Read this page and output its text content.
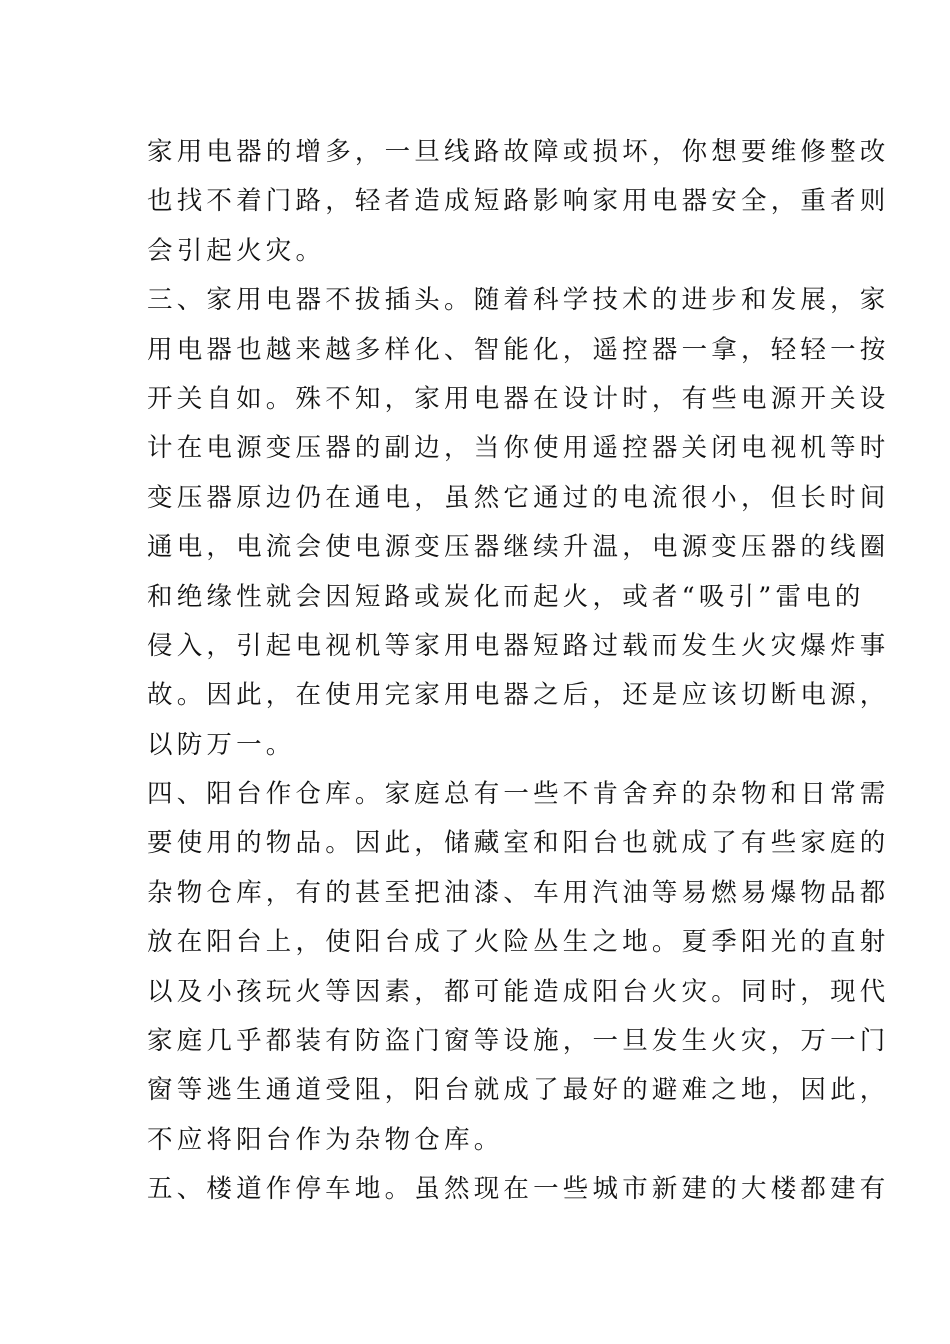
家用电器的增多，一旦线路故障或损坏，你想要维修整改
也找不着门路，轻者造成短路影响家用电器安全，重者则
会引起火灾。
三、家用电器不拔插头。随着科学技术的进步和发展，家
用电器也越来越多样化、智能化，遥控器一拿，轻轻一按
开关自如。殊不知，家用电器在设计时，有些电源开关设
计在电源变压器的副边，当你使用遥控器关闭电视机等时
变压器原边仍在通电，虽然它通过的电流很小，但长时间
通电，电流会使电源变压器继续升温，电源变压器的线圈
和绝缘性就会因短路或炭化而起火，或者“吸引”雷电的
侵入，引起电视机等家用电器短路过载而发生火灾爆炸事
故。因此，在使用完家用电器之后，还是应该切断电源，
以防万一。
四、阳台作仓库。家庭总有一些不肯舍弃的杂物和日常需
要使用的物品。因此，储藏室和阳台也就成了有些家庭的
杂物仓库，有的甚至把油漆、车用汽油等易燃易爆物品都
放在阳台上，使阳台成了火险丛生之地。夏季阳光的直射
以及小孩玩火等因素，都可能造成阳台火灾。同时，现代
家庭几乎都装有防盗门窗等设施，一旦发生火灾，万一门
窗等逃生通道受阻，阳台就成了最好的避难之地，因此，
不应将阳台作为杂物仓库。
五、楼道作停车地。虽然现在一些城市新建的大楼都建有
